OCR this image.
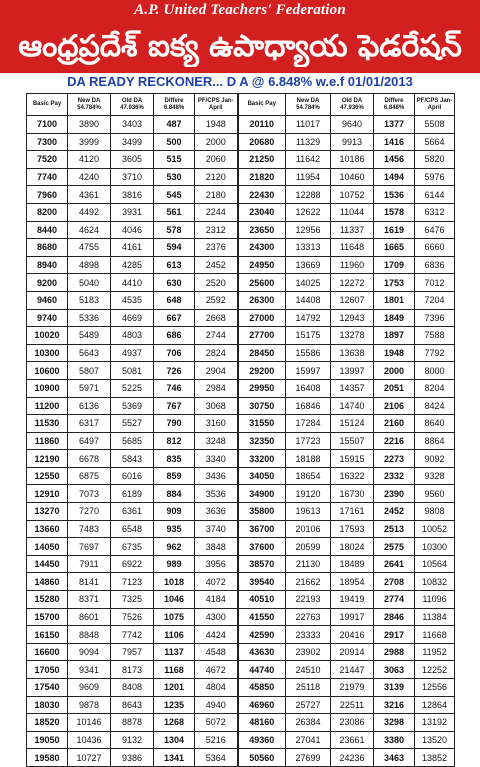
A.P. United Teachers' Federation
ఆంధ్రప్రదేశ్ ఐక్య ఉపాధ్యాయ ఫెడరేషన్
DA READY RECKONER... D A @ 6.848% w.e.f 01/01/2013
Basic Pay	New DA 54.784%	Old DA 47.936%	Differe 6.848%	PF/CPS Jan-April	Basic Pay	New DA 54.784%	Old DA 47.936%	Differe 6.848%	PF/CPS Jan-April
7100	3890	3403	487	1948	20110	11017	9640	1377	5508
7300	3999	3499	500	2000	20680	11329	9913	1416	5664
7520	4120	3605	515	2060	21250	11642	10186	1456	5820
7740	4240	3710	530	2120	21820	11954	10460	1494	5976
7960	4361	3816	545	2180	22430	12288	10752	1536	6144
8200	4492	3931	561	2244	23040	12622	11044	1578	6312
8440	4624	4046	578	2312	23650	12956	11337	1619	6476
8680	4755	4161	594	2376	24300	13313	11648	1665	6660
8940	4898	4285	613	2452	24950	13669	11960	1709	6836
9200	5040	4410	630	2520	25600	14025	12272	1753	7012
9460	5183	4535	648	2592	26300	14408	12607	1801	7204
9740	5336	4669	667	2668	27000	14792	12943	1849	7396
10020	5489	4803	686	2744	27700	15175	13278	1897	7588
10300	5643	4937	706	2824	28450	15586	13638	1948	7792
10600	5807	5081	726	2904	29200	15997	13997	2000	8000
10900	5971	5225	746	2984	29950	16408	14357	2051	8204
11200	6136	5369	767	3068	30750	16846	14740	2106	8424
11530	6317	5527	790	3160	31550	17284	15124	2160	8640
11860	6497	5685	812	3248	32350	17723	15507	2216	8864
12190	6678	5843	835	3340	33200	18188	15915	2273	9092
12550	6875	6016	859	3436	34050	18654	16322	2332	9328
12910	7073	6189	884	3536	34900	19120	16730	2390	9560
13270	7270	6361	909	3636	35800	19613	17161	2452	9808
13660	7483	6548	935	3740	36700	20106	17593	2513	10052
14050	7697	6735	962	3848	37600	20599	18024	2575	10300
14450	7911	6922	989	3956	38570	21130	18489	2641	10564
14860	8141	7123	1018	4072	39540	21662	18954	2708	10832
15280	8371	7325	1046	4184	40510	22193	19419	2774	11096
15700	8601	7526	1075	4300	41550	22763	19917	2846	11384
16150	8848	7742	1106	4424	42590	23333	20416	2917	11668
16600	9094	7957	1137	4548	43630	23902	20914	2988	11952
17050	9341	8173	1168	4672	44740	24510	21447	3063	12252
17540	9609	8408	1201	4804	45850	25118	21979	3139	12556
18030	9878	8643	1235	4940	46960	25727	22511	3216	12864
18520	10146	8878	1268	5072	48160	26384	23086	3298	13192
19050	10436	9132	1304	5216	49360	27041	23661	3380	13520
19580	10727	9386	1341	5364	50560	27699	24236	3463	13852
